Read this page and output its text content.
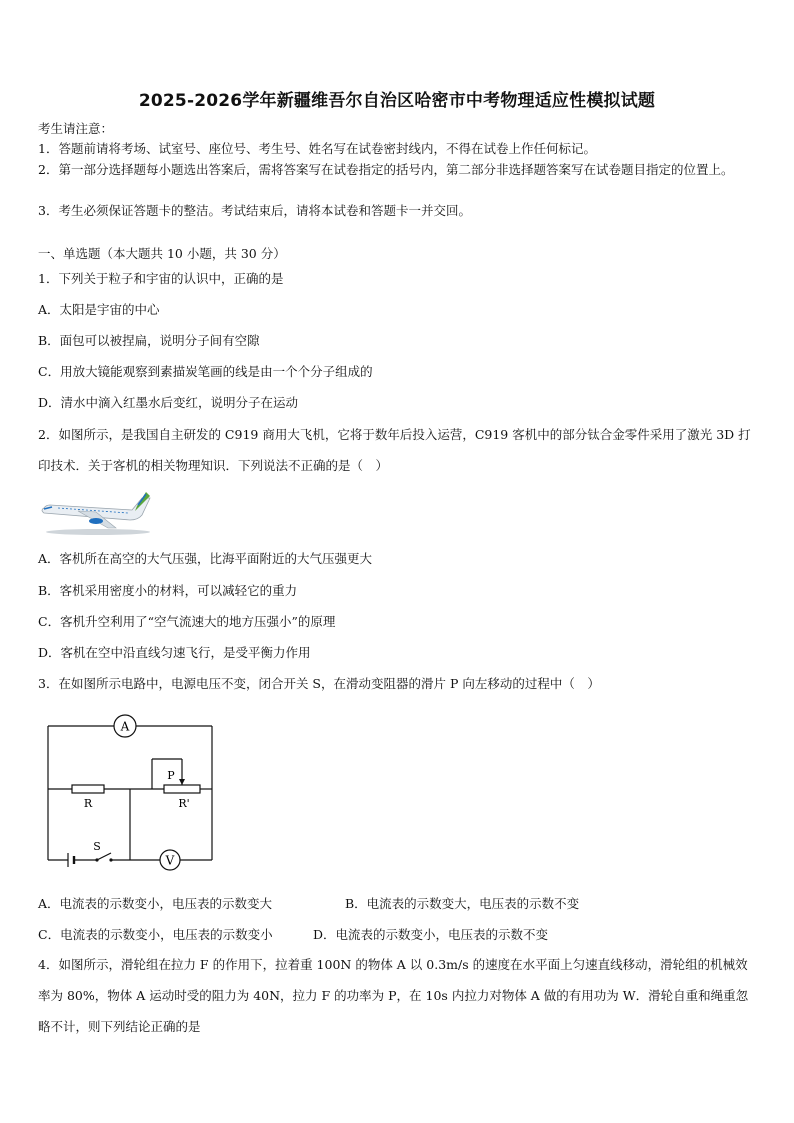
2025-2026学年新疆维吾尔自治区哈密市中考物理适应性模拟试题
考生请注意：
1．答题前请将考场、试室号、座位号、考生号、姓名写在试卷密封线内，不得在试卷上作任何标记。
2．第一部分选择题每小题选出答案后，需将答案写在试卷指定的括号内，第二部分非选择题答案写在试卷题目指定的位置上。
3．考生必须保证答题卡的整洁。考试结束后，请将本试卷和答题卡一并交回。
一、单选题（本大题共 10 小题，共 30 分）
1．下列关于粒子和宇宙的认识中，正确的是
A．太阳是宇宙的中心
B．面包可以被捏扁，说明分子间有空隙
C．用放大镜能观察到素描炭笔画的线是由一个个分子组成的
D．清水中滴入红墨水后变红，说明分子在运动
2．如图所示，是我国自主研发的 C919 商用大飞机，它将于数年后投入运营，C919 客机中的部分钛合金零件采用了激光 3D 打印技术．关于客机的相关物理知识．下列说法不正确的是（　）
A．客机所在高空的大气压强，比海平面附近的大气压强更大
B．客机采用密度小的材料，可以减轻它的重力
C．客机升空利用了“空气流速大的地方压强小”的原理
D．客机在空中沿直线匀速飞行，是受平衡力作用
3．在如图所示电路中，电源电压不变，闭合开关 S，在滑动变阻器的滑片 P 向左移动的过程中（　）
A
R
P
R'
S
V
A．电流表的示数变小，电压表的示数变大	B．电流表的示数变大，电压表的示数不变
C．电流表的示数变小，电压表的示数变小	D．电流表的示数变小，电压表的示数不变
4．如图所示，滑轮组在拉力 F 的作用下，拉着重 100N 的物体 A 以 0.3m/s 的速度在水平面上匀速直线移动，滑轮组的机械效率为 80%，物体 A 运动时受的阻力为 40N，拉力 F 的功率为 P，在 10s 内拉力对物体 A 做的有用功为 W．滑轮自重和绳重忽略不计，则下列结论正确的是
